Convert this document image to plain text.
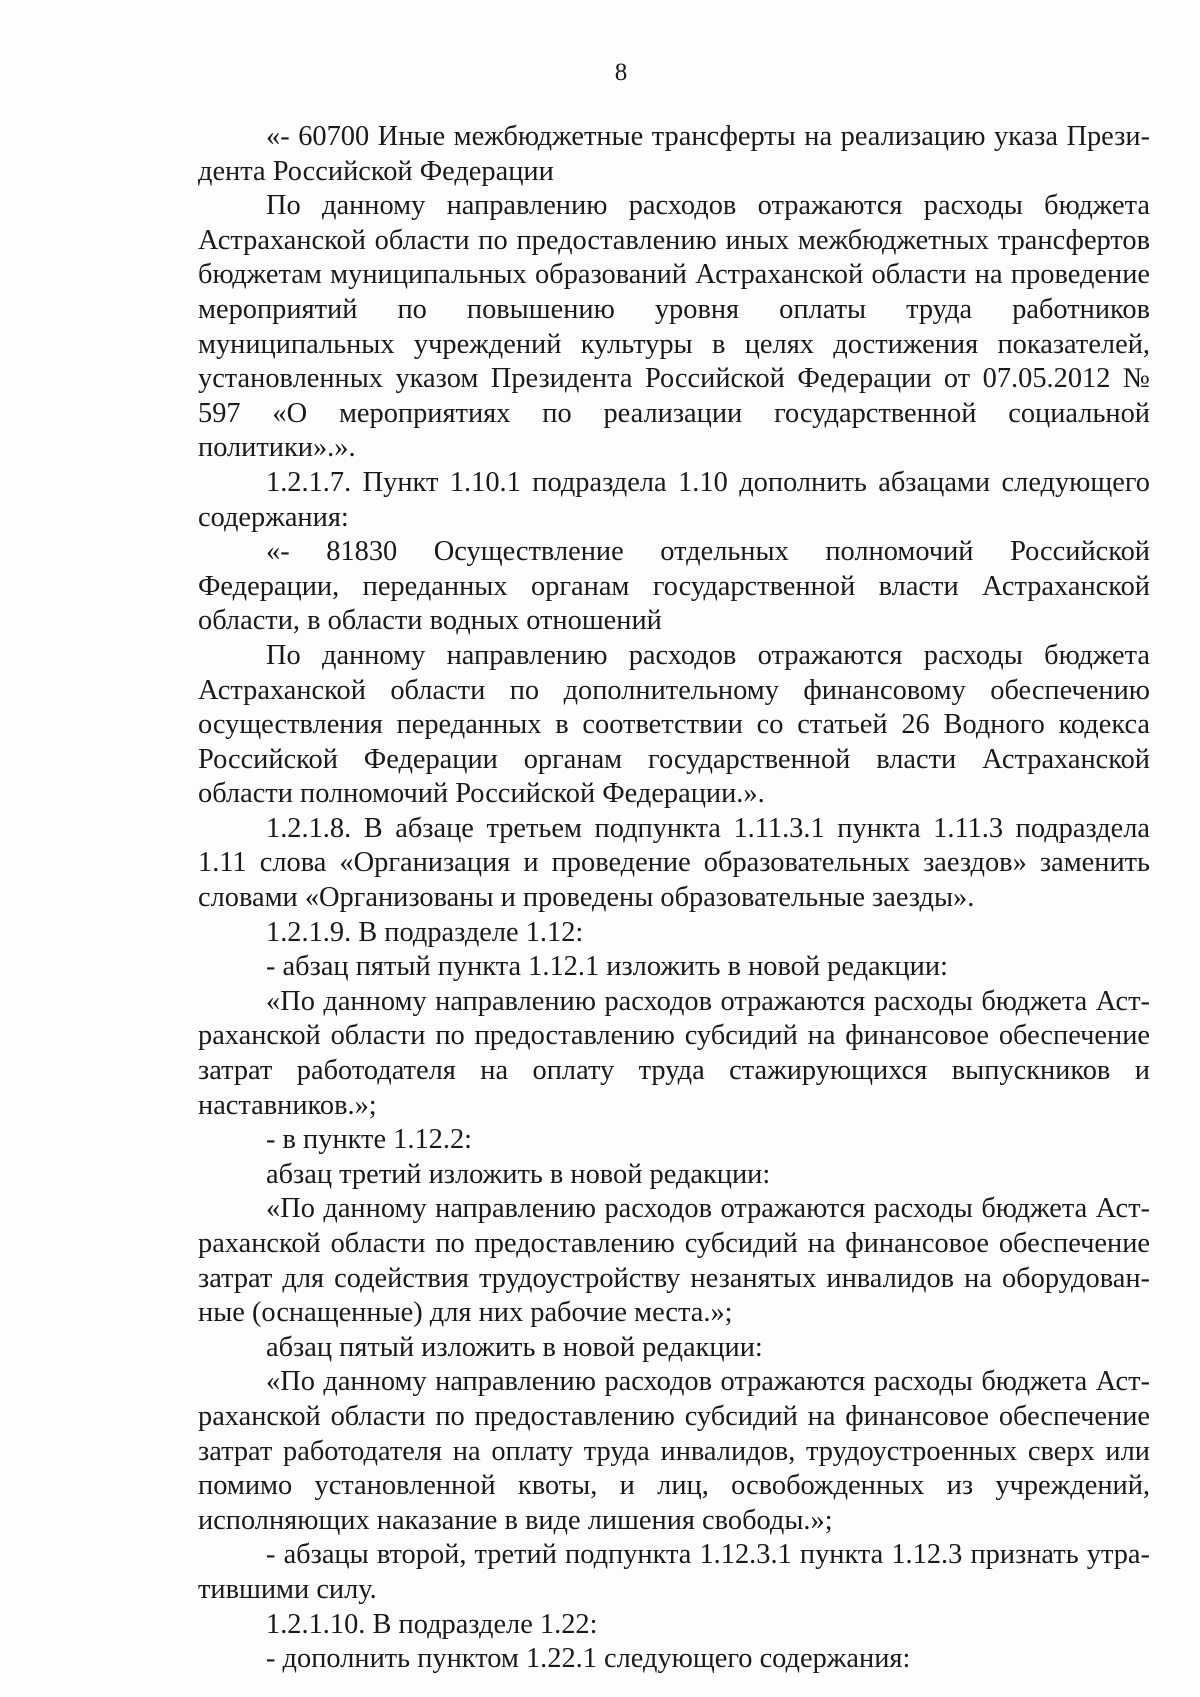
8

«- 60700 Иные межбюджетные трансферты на реализацию указа Президента Российской Федерации

По данному направлению расходов отражаются расходы бюджета Астраханской области по предоставлению иных межбюджетных трансфертов бюджетам муниципальных образований Астраханской области на проведение мероприятий по повышению уровня оплаты труда работников муниципальных учреждений культуры в целях достижения показателей, установленных указом Президента Российской Федерации от 07.05.2012 № 597 «О мероприятиях по реализации государственной социальной политики».».

1.2.1.7. Пункт 1.10.1 подраздела 1.10 дополнить абзацами следующего содержания:

«- 81830 Осуществление отдельных полномочий Российской Федерации, переданных органам государственной власти Астраханской области, в области водных отношений

По данному направлению расходов отражаются расходы бюджета Астраханской области по дополнительному финансовому обеспечению осуществления переданных в соответствии со статьей 26 Водного кодекса Российской Федерации органам государственной власти Астраханской области полномочий Российской Федерации.».

1.2.1.8. В абзаце третьем подпункта 1.11.3.1 пункта 1.11.3 подраздела 1.11 слова «Организация и проведение образовательных заездов» заменить словами «Организованы и проведены образовательные заезды».

1.2.1.9. В подразделе 1.12:

- абзац пятый пункта 1.12.1 изложить в новой редакции:

«По данному направлению расходов отражаются расходы бюджета Астраханской области по предоставлению субсидий на финансовое обеспечение затрат работодателя на оплату труда стажирующихся выпускников и наставников.»;

- в пункте 1.12.2:

абзац третий изложить в новой редакции:

«По данному направлению расходов отражаются расходы бюджета Астраханской области по предоставлению субсидий на финансовое обеспечение затрат для содействия трудоустройству незанятых инвалидов на оборудованные (оснащенные) для них рабочие места.»;

абзац пятый изложить в новой редакции:

«По данному направлению расходов отражаются расходы бюджета Астраханской области по предоставлению субсидий на финансовое обеспечение затрат работодателя на оплату труда инвалидов, трудоустроенных сверх или помимо установленной квоты, и лиц, освобожденных из учреждений, исполняющих наказание в виде лишения свободы.»;

- абзацы второй, третий подпункта 1.12.3.1 пункта 1.12.3 признать утратившими силу.

1.2.1.10. В подразделе 1.22:

- дополнить пунктом 1.22.1 следующего содержания:
